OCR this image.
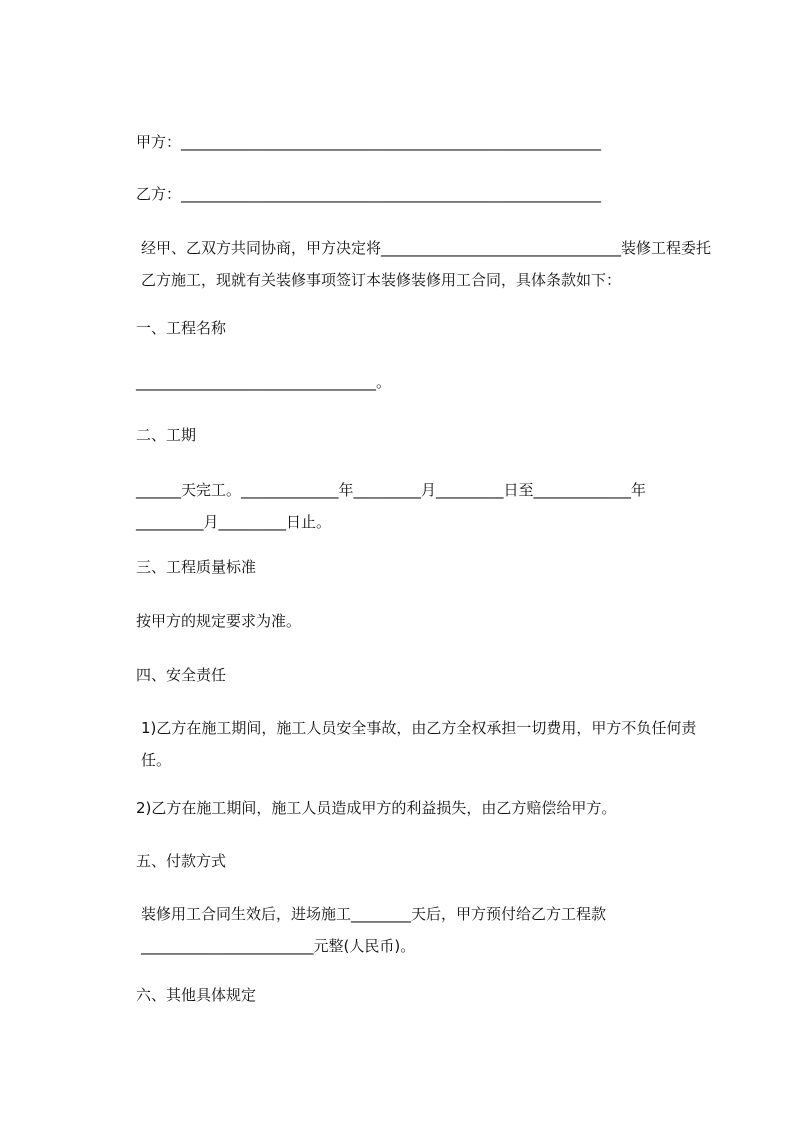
甲方：________________________________________________________

乙方：________________________________________________________

经甲、乙双方共同协商，甲方决定将________________________________装修工程委托乙方施工，现就有关装修事项签订本装修装修用工合同，具体条款如下：

一、工程名称

________________________________。

二、工期

______天完工。_____________年_________月_________日至_____________年_________月_________日止。

三、工程质量标准

按甲方的规定要求为准。

四、安全责任

1)乙方在施工期间，施工人员安全事故，由乙方全权承担一切费用，甲方不负任何责任。

2)乙方在施工期间，施工人员造成甲方的利益损失，由乙方赔偿给甲方。

五、付款方式

装修用工合同生效后，进场施工________天后，甲方预付给乙方工程款_______________________元整(人民币)。

六、其他具体规定
